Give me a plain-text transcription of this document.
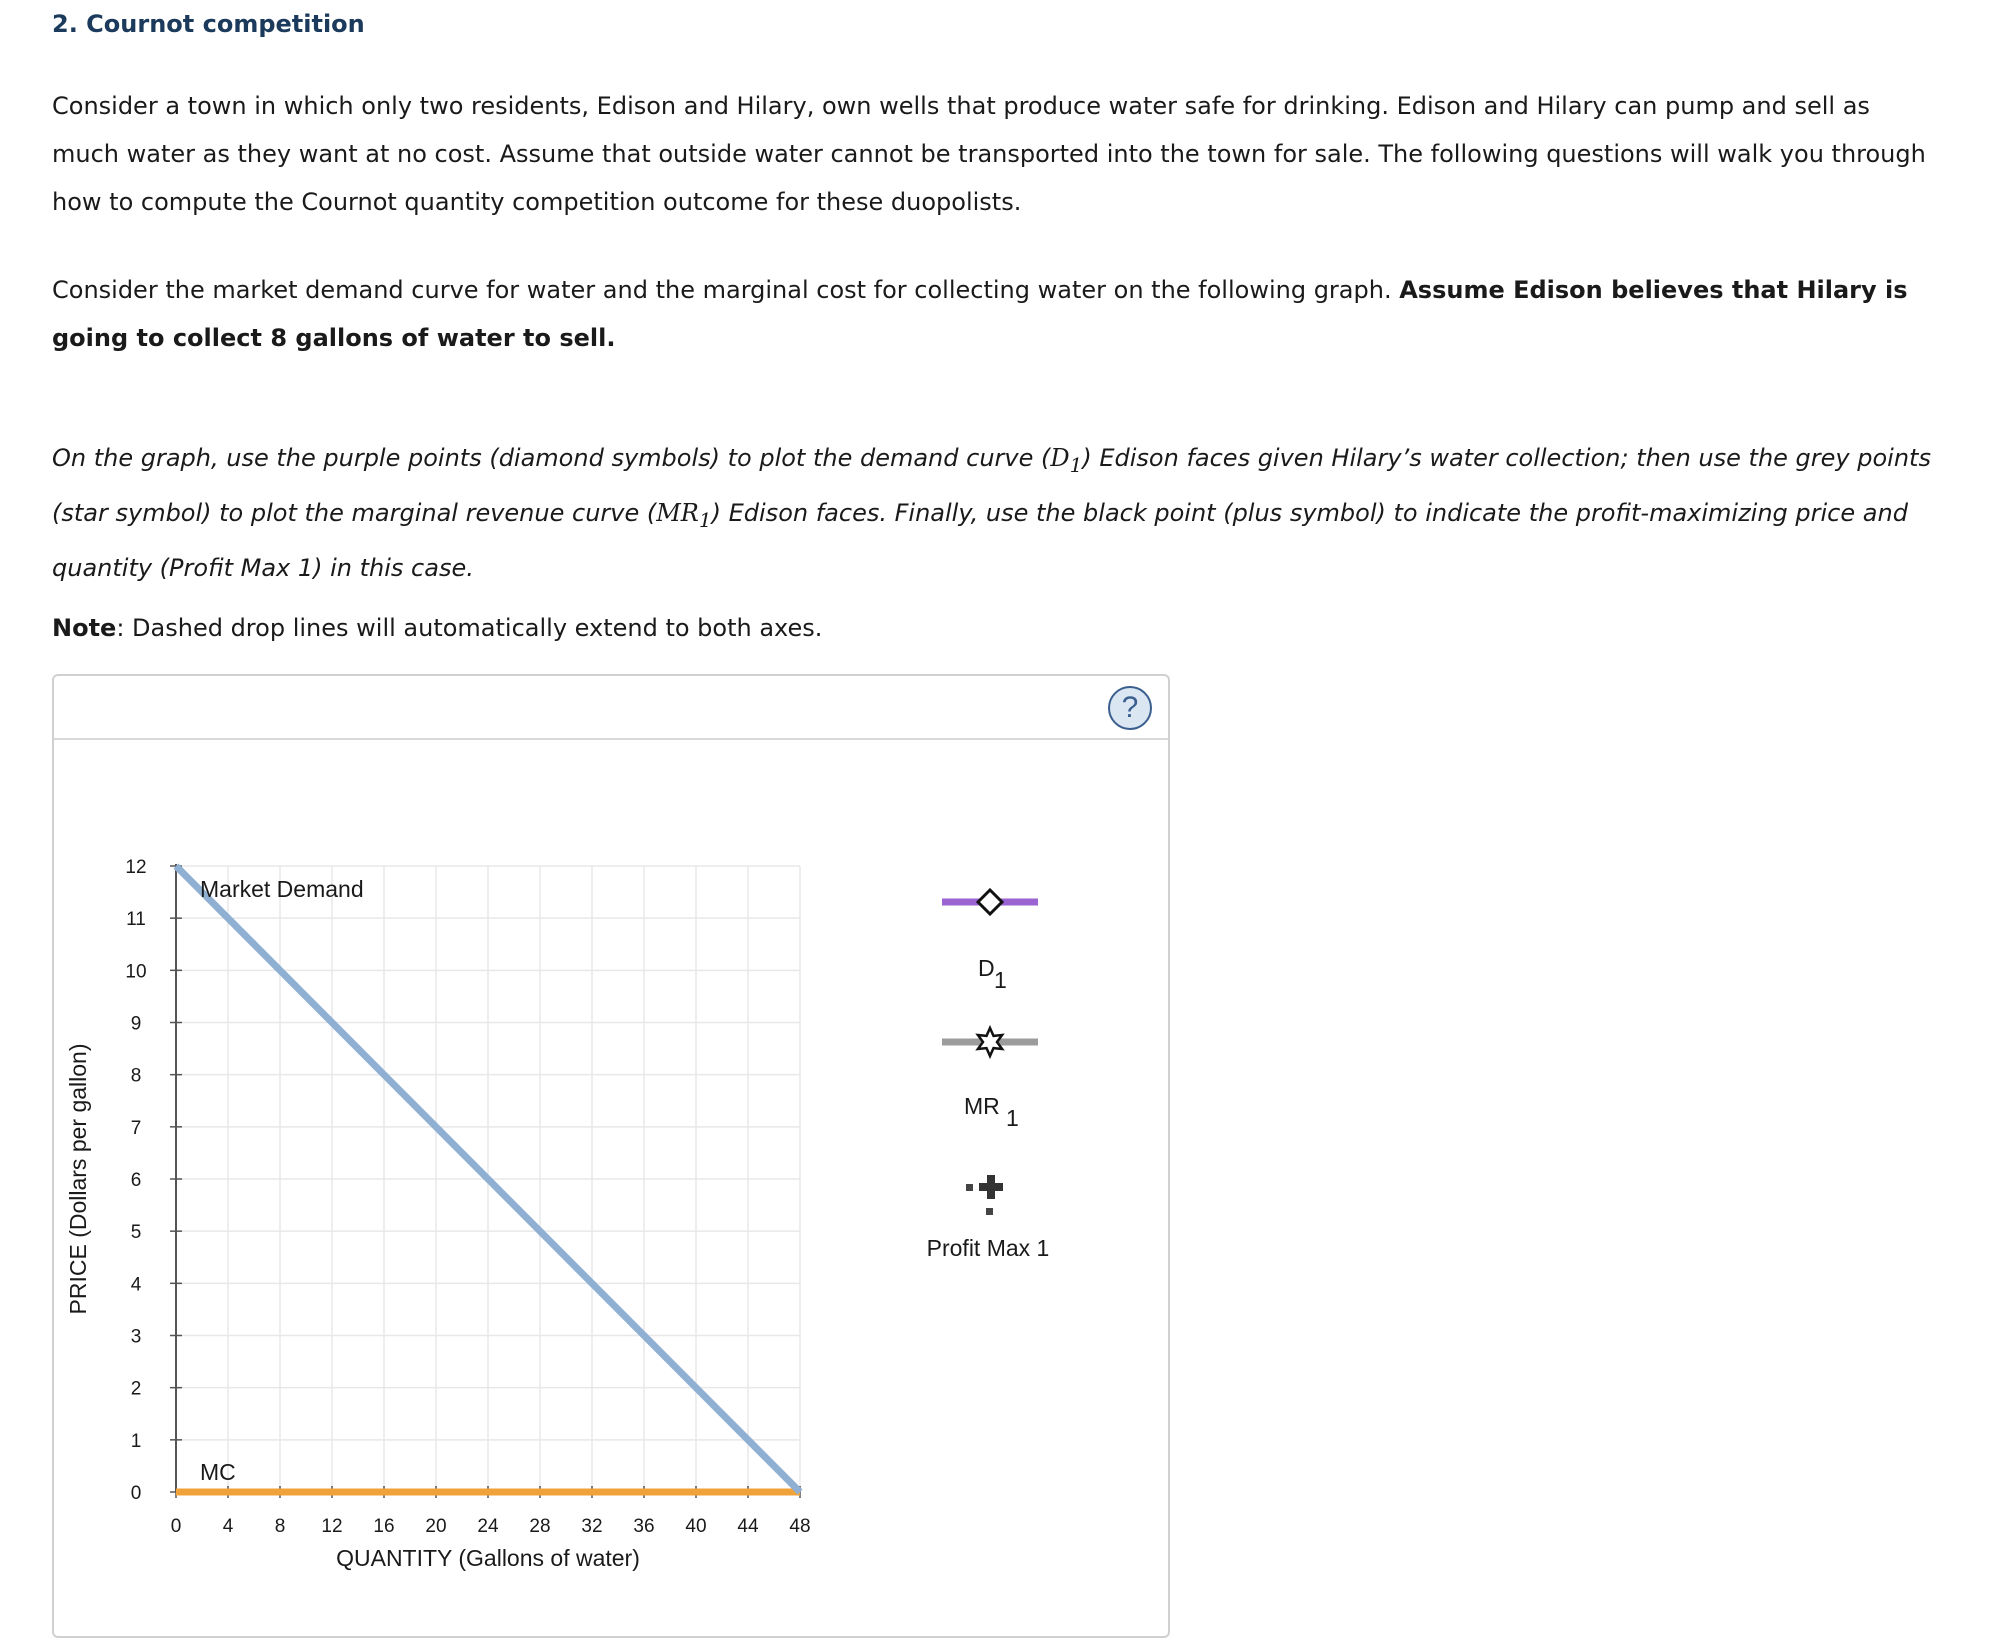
2. Cournot competition

Consider a town in which only two residents, Edison and Hilary, own wells that produce water safe for drinking. Edison and Hilary can pump and sell as much water as they want at no cost. Assume that outside water cannot be transported into the town for sale. The following questions will walk you through how to compute the Cournot quantity competition outcome for these duopolists.

Consider the market demand curve for water and the marginal cost for collecting water on the following graph. Assume Edison believes that Hilary is going to collect 8 gallons of water to sell.

On the graph, use the purple points (diamond symbols) to plot the demand curve $(D_1)$ Edison faces given Hilary’s water collection; then use the grey points (star symbol) to plot the marginal revenue curve $(MR_1)$ Edison faces. Finally, use the black point (plus symbol) to indicate the profit-maximizing price and quantity (Profit Max 1) in this case.

Note: Dashed drop lines will automatically extend to both axes.

?
0
1
2
3
4
5
6
7
8
9
10
11
12
0 4 8 12 16 20 24 28 32 36 40 44 48
QUANTITY (Gallons of water)
PRICE (Dollars per gallon)
Market Demand
MC
D 1
MR 1
Profit Max 1
